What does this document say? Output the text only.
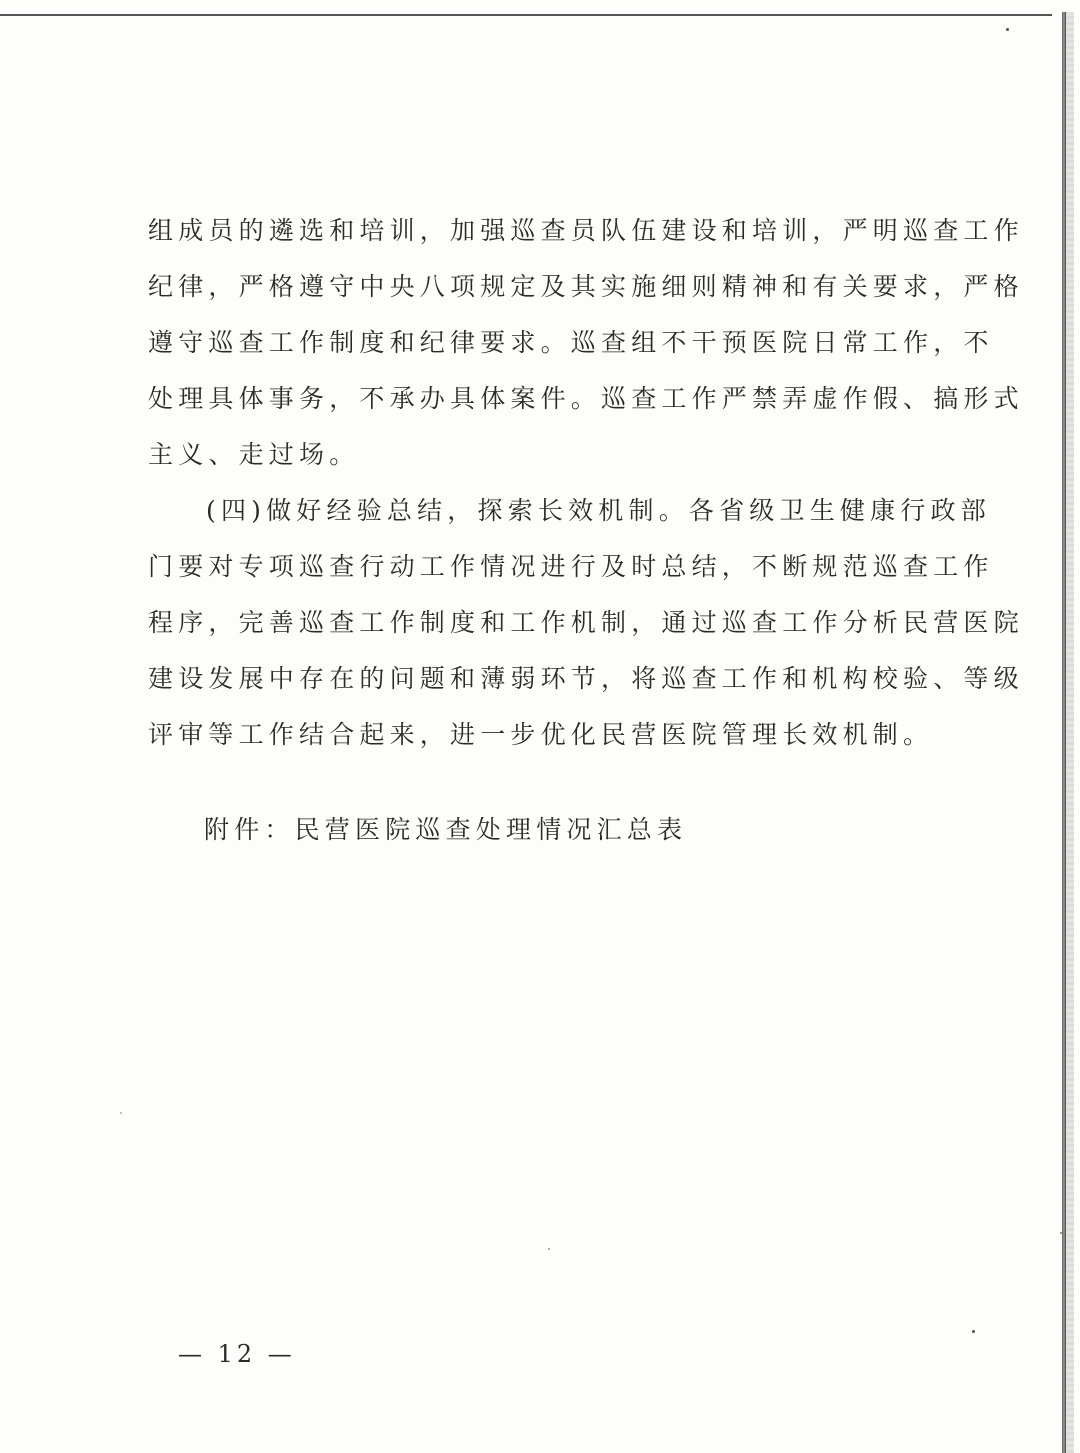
组成员的遴选和培训，加强巡查员队伍建设和培训，严明巡查工作
纪律，严格遵守中央八项规定及其实施细则精神和有关要求，严格
遵守巡查工作制度和纪律要求。巡查组不干预医院日常工作，不
处理具体事务，不承办具体案件。巡查工作严禁弄虚作假、搞形式
主义、走过场。
(四)做好经验总结，探索长效机制。各省级卫生健康行政部
门要对专项巡查行动工作情况进行及时总结，不断规范巡查工作
程序，完善巡查工作制度和工作机制，通过巡查工作分析民营医院
建设发展中存在的问题和薄弱环节，将巡查工作和机构校验、等级
评审等工作结合起来，进一步优化民营医院管理长效机制。
附件：民营医院巡查处理情况汇总表
— 12 —
